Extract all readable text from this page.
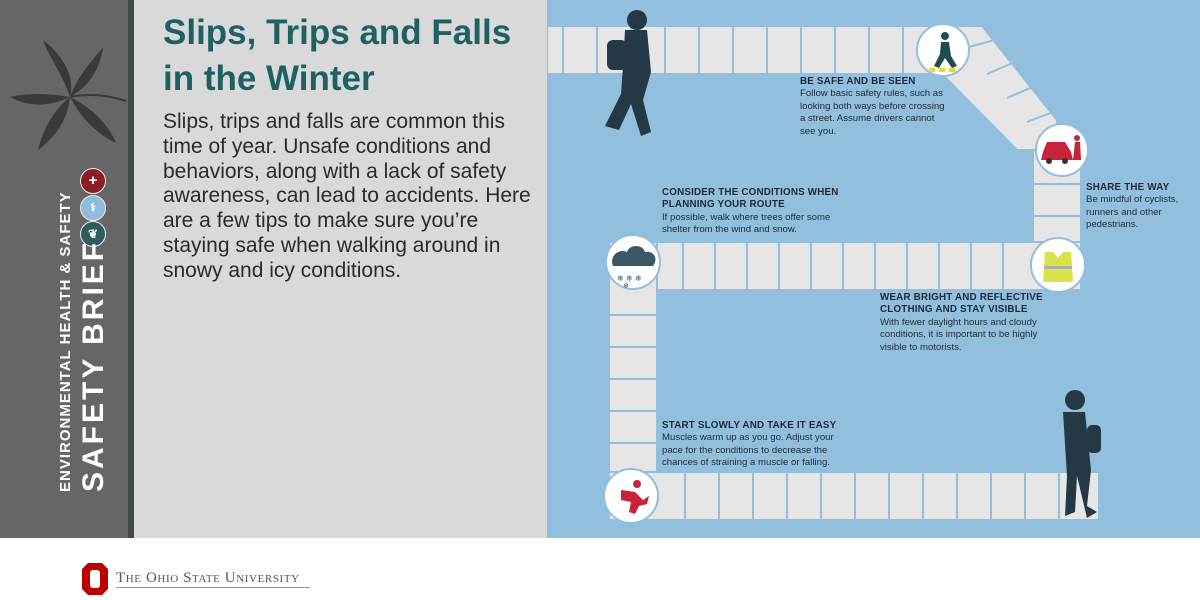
+
⚕
❦
ENVIRONMENTAL HEALTH & SAFETY SAFETY BRIEF
Slips, Trips and Falls in the Winter

Slips, trips and falls are common this time of year. Unsafe conditions and behaviors, along with a lack of safety awareness, can lead to accidents. Here are a few tips to make sure you’re staying safe when walking around in snowy and icy conditions.	❄ ❄ ❄
❄
BE SAFE AND BE SEEN
Follow basic safety rules, such as looking both ways before crossing a street. Assume drivers cannot see you.
SHARE THE WAY
Be mindful of cyclists, runners and other pedestrians.
CONSIDER THE CONDITIONS WHEN PLANNING YOUR ROUTE
If possible, walk where trees offer some shelter from the wind and snow.
WEAR BRIGHT AND REFLECTIVE CLOTHING AND STAY VISIBLE
With fewer daylight hours and cloudy conditions, it is important to be highly visible to motorists.
START SLOWLY AND TAKE IT EASY
Muscles warm up as you go. Adjust your pace for the conditions to decrease the chances of straining a muscle or falling.
The Ohio State University
